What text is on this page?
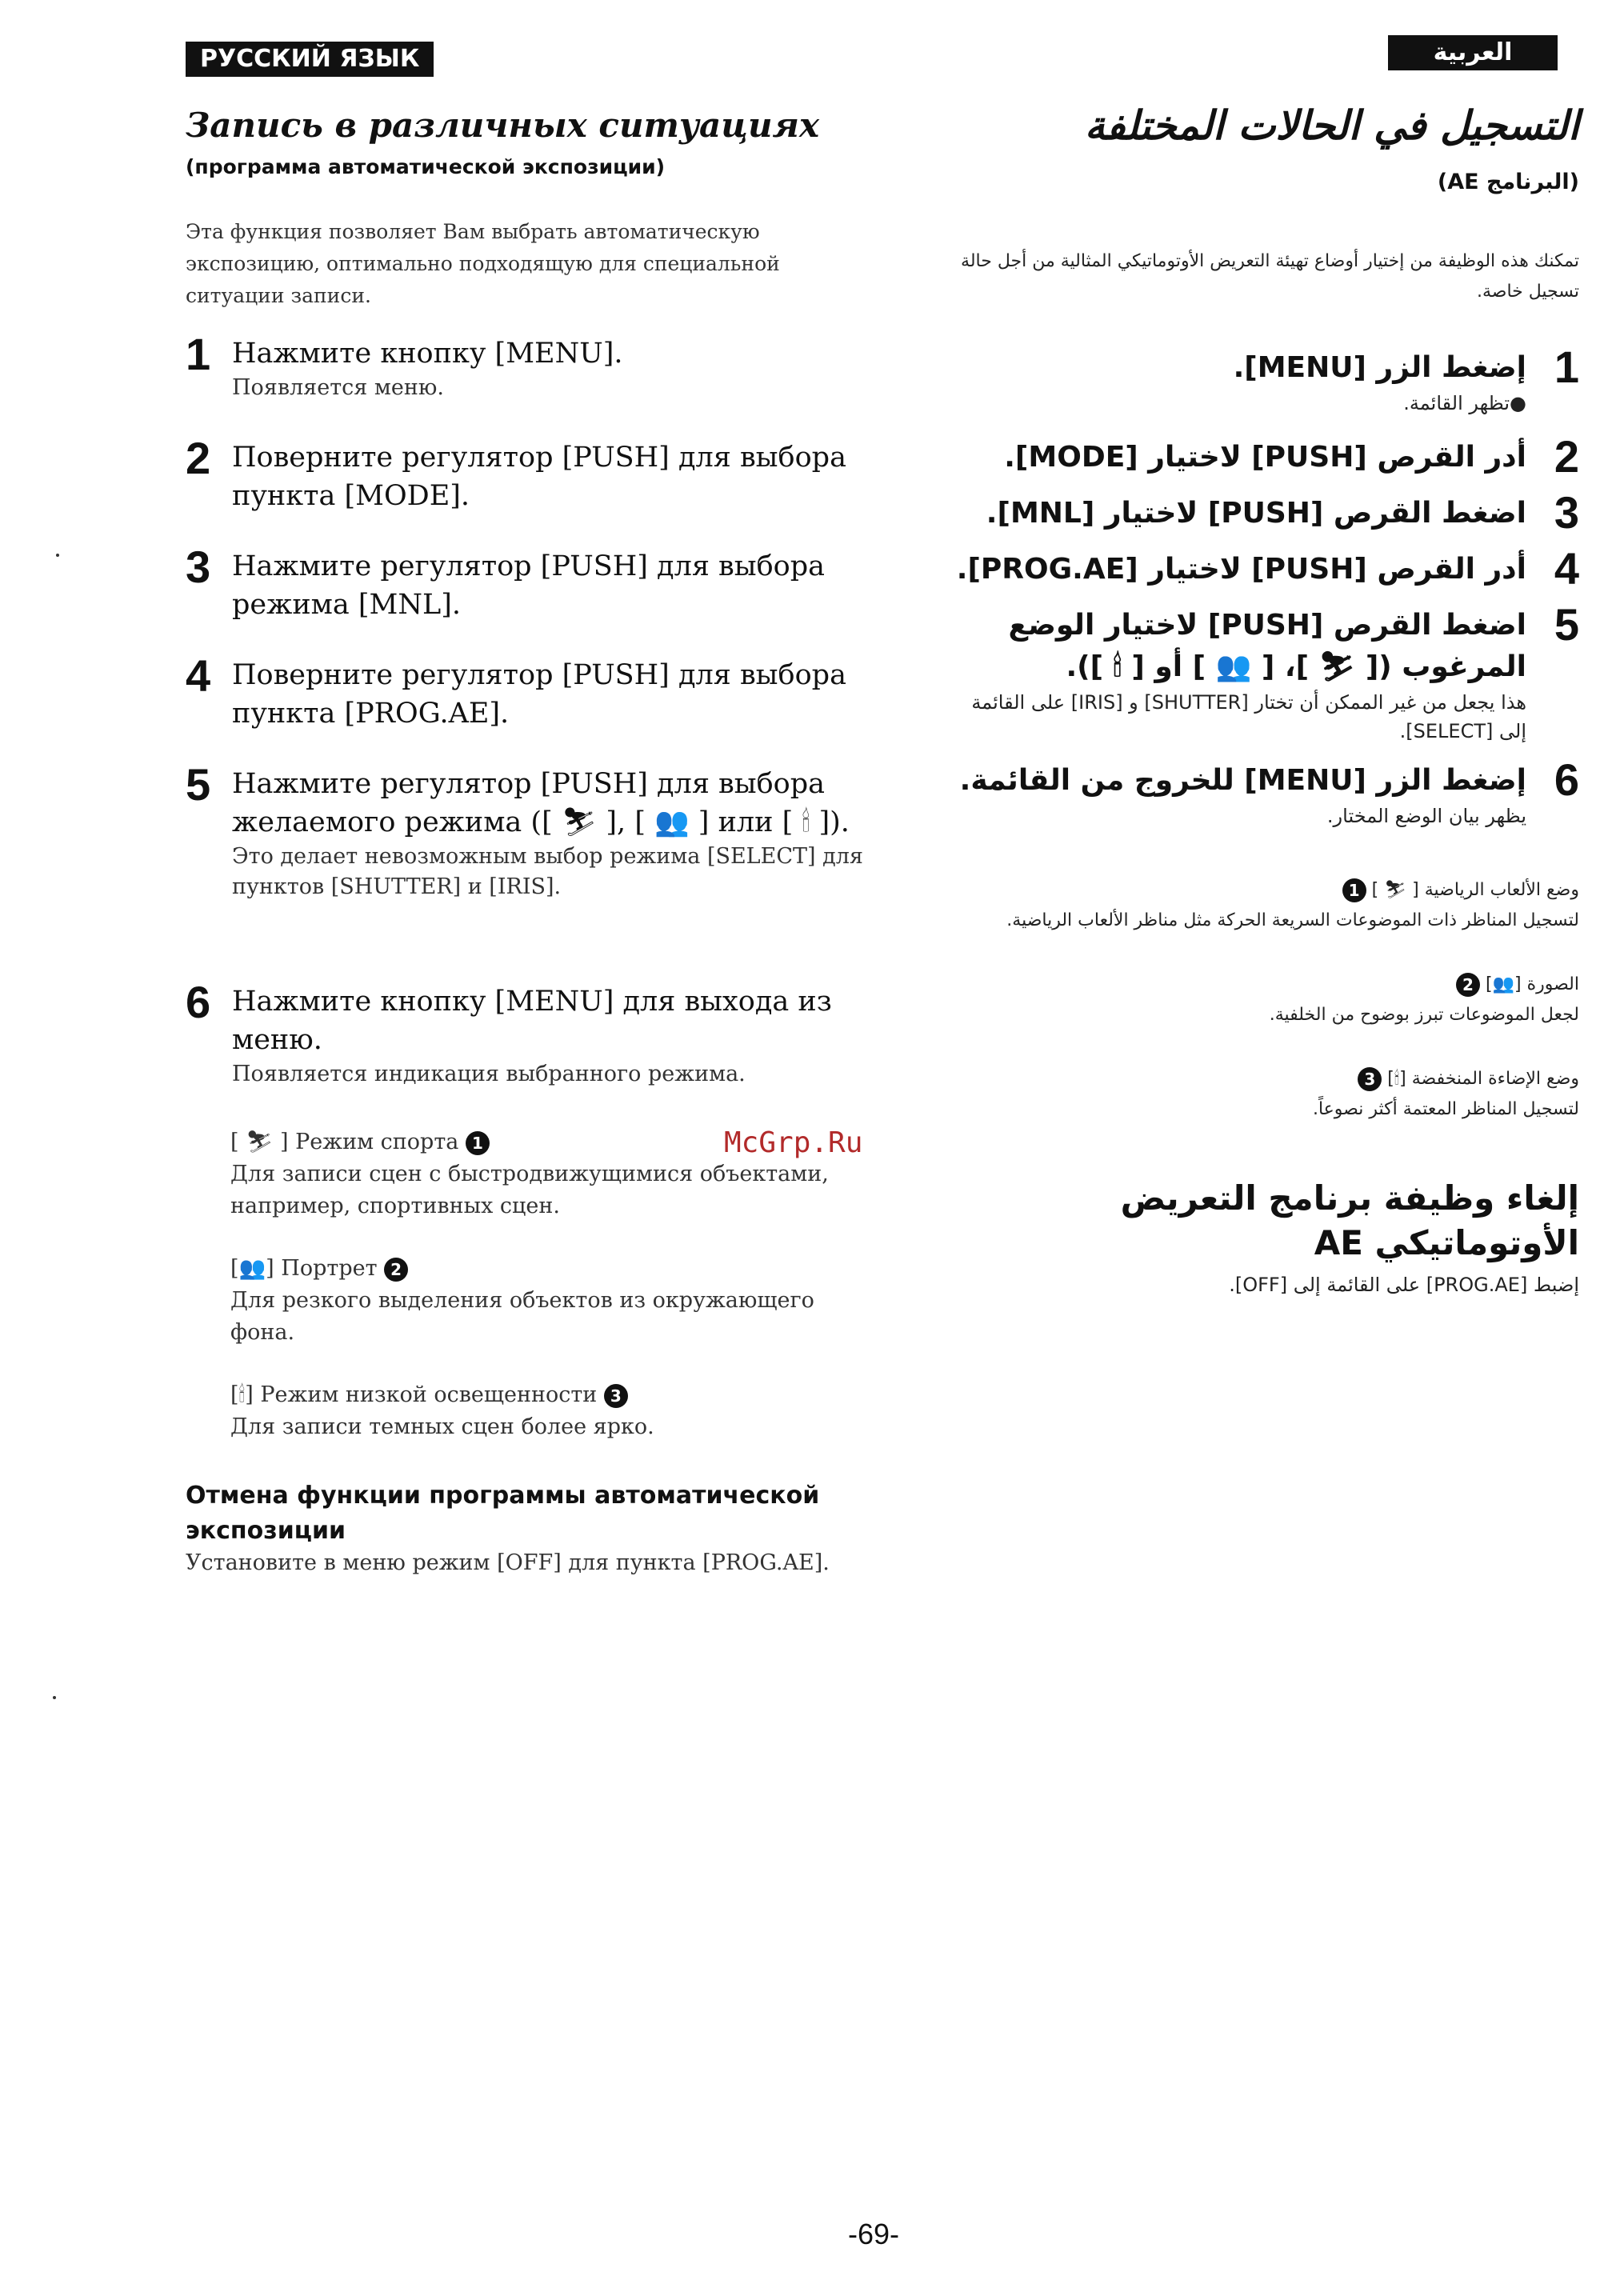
РУССКИЙ ЯЗЫК
Запись в различных ситуациях
(программа автоматической экспозиции)
Эта функция позволяет Вам выбрать автоматическую экспозицию, оптимально подходящую для специальной ситуации записи.
1 Нажмите кнопку [MENU].
Появляется меню.
2 Поверните регулятор [PUSH] для выбора пункта [MODE].
3 Нажмите регулятор [PUSH] для выбора режима [MNL].
4 Поверните регулятор [PUSH] для выбора пункта [PROG.AE].
5 Нажмите регулятор [PUSH] для выбора желаемого режима ([ ⛷ ], [ 👥 ] или [ 🕯 ]).
Это делает невозможным выбор режима [SELECT] для пунктов [SHUTTER] и [IRIS].
6 Нажмите кнопку [MENU] для выхода из меню.
Появляется индикация выбранного режима.
[ ⛷ ] Режим спорта 1
Для записи сцен с быстродвижущимися объектами, например, спортивных сцен.
[👥] Портрет 2
Для резкого выделения объектов из окружающего фона.
[🕯] Режим низкой освещенности 3
Для записи темных сцен более ярко.
Отмена функции программы автоматической экспозиции
Установите в меню режим [OFF] для пункта [PROG.AE].
McGrp.Ru
العربية
التسجيل في الحالات المختلفة
(البرنامج AE)
تمكنك هذه الوظيفة من إختيار أوضاع تهيئة التعريض الأوتوماتيكي المثالية من أجل حالة تسجيل خاصة.
1
إضغط الزر [MENU].
●تظهر القائمة.
2
أدر القرص [PUSH] لاختيار [MODE].
3
اضغط القرص [PUSH] لاختيار [MNL].
4
أدر القرص [PUSH] لاختيار [PROG.AE].
5
اضغط القرص [PUSH] لاختيار الوضع المرغوب ([ ⛷ ]، [ 👥 ] أو [ 🕯 ]).
هذا يجعل من غير الممكن أن تختار [SHUTTER] و [IRIS] على القائمة إلى [SELECT].
6
إضغط الزر [MENU] للخروج من القائمة.
يظهر بيان الوضع المختار.
وضع الألعاب الرياضية [ ⛷ ] 1
لتسجيل المناظر ذات الموضوعات السريعة الحركة مثل مناظر الألعاب الرياضية.
الصورة [👥] 2
لجعل الموضوعات تبرز بوضوح من الخلفية.
وضع الإضاءة المنخفضة [🕯] 3
لتسجيل المناظر المعتمة أكثر نصوعاً.
إلغاء وظيفة برنامج التعريض الأوتوماتيكي AE
إضبط [PROG.AE] على القائمة إلى [OFF].
-69-
